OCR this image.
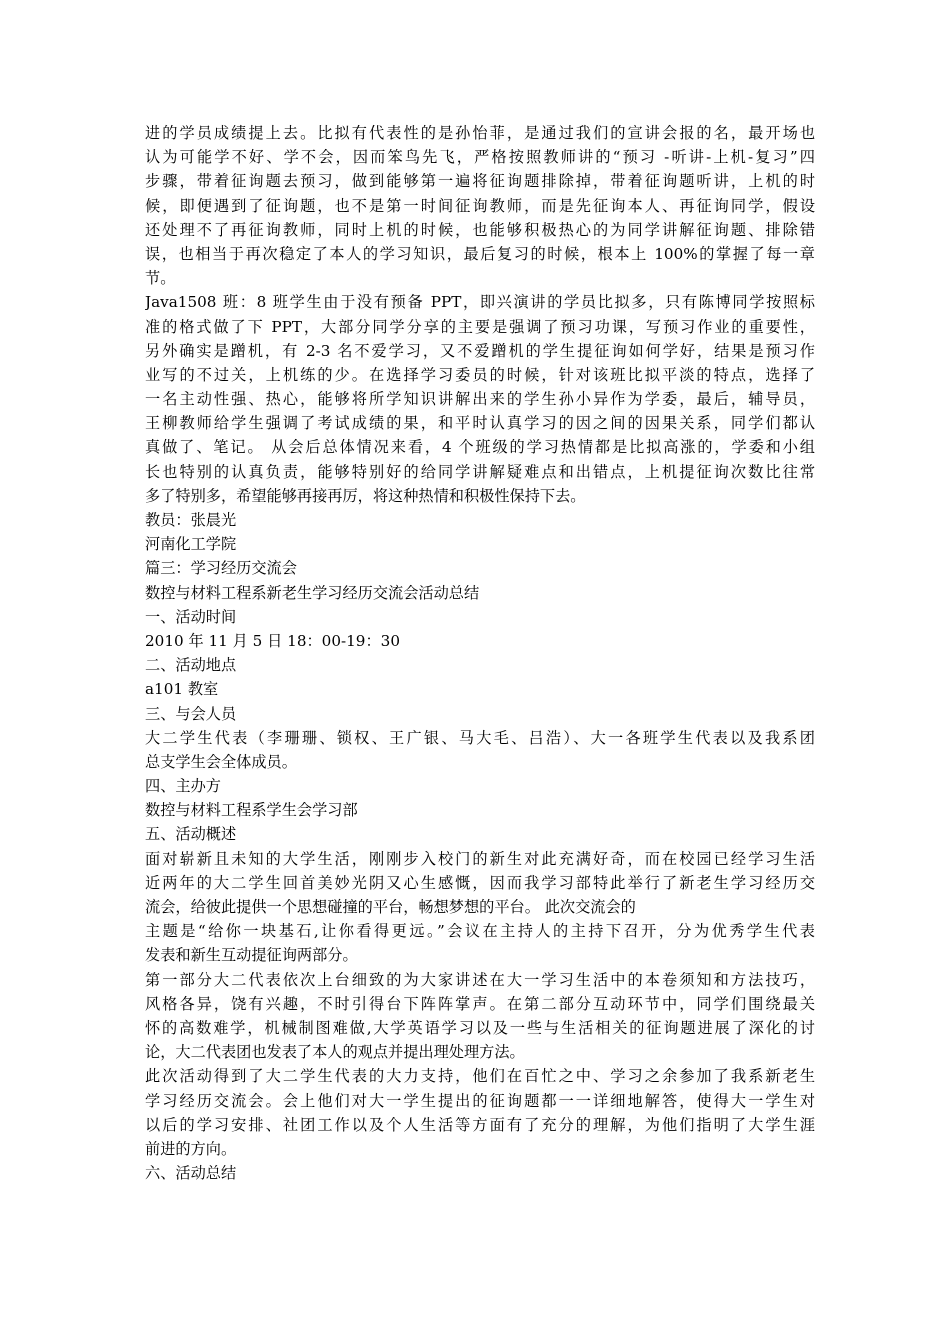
进的学员成绩提上去。比拟有代表性的是孙怡菲，是通过我们的宣讲会报的名，最开场也
认为可能学不好、学不会，因而笨鸟先飞，严格按照教师讲的“预习 -听讲-上机-复习”四
步骤，带着征询题去预习，做到能够第一遍将征询题排除掉，带着征询题听讲，上机的时
候，即便遇到了征询题，也不是第一时间征询教师，而是先征询本人、再征询同学，假设
还处理不了再征询教师，同时上机的时候，也能够积极热心的为同学讲解征询题、排除错
误，也相当于再次稳定了本人的学习知识，最后复习的时候，根本上 100%的掌握了每一章
节。
Java1508 班：8 班学生由于没有预备 PPT，即兴演讲的学员比拟多，只有陈博同学按照标
准的格式做了下 PPT，大部分同学分享的主要是强调了预习功课，写预习作业的重要性，
另外确实是蹭机，有 2-3 名不爱学习，又不爱蹭机的学生提征询如何学好，结果是预习作
业写的不过关，上机练的少。在选择学习委员的时候，针对该班比拟平淡的特点，选择了
一名主动性强、热心，能够将所学知识讲解出来的学生孙小异作为学委，最后，辅导员，
王柳教师给学生强调了考试成绩的果，和平时认真学习的因之间的因果关系，同学们都认
真做了、笔记。 从会后总体情况来看，4 个班级的学习热情都是比拟高涨的，学委和小组
长也特别的认真负责，能够特别好的给同学讲解疑难点和出错点，上机提征询次数比往常
多了特别多，希望能够再接再厉，将这种热情和积极性保持下去。
教员：张晨光
河南化工学院
篇三：学习经历交流会
数控与材料工程系新老生学习经历交流会活动总结
一、活动时间
2010 年 11 月 5 日 18：00-19：30
二、活动地点
a101 教室
三、与会人员
大二学生代表（李珊珊、锁权、王广银、马大毛、吕浩）、大一各班学生代表以及我系团
总支学生会全体成员。
四、主办方
数控与材料工程系学生会学习部
五、活动概述
面对崭新且未知的大学生活，刚刚步入校门的新生对此充满好奇，而在校园已经学习生活
近两年的大二学生回首美妙光阴又心生感慨，因而我学习部特此举行了新老生学习经历交
流会，给彼此提供一个思想碰撞的平台，畅想梦想的平台。 此次交流会的
主题是“给你一块基石,让你看得更远。”会议在主持人的主持下召开，分为优秀学生代表
发表和新生互动提征询两部分。
第一部分大二代表依次上台细致的为大家讲述在大一学习生活中的本卷须知和方法技巧，
风格各异，饶有兴趣，不时引得台下阵阵掌声。在第二部分互动环节中，同学们围绕最关
怀的高数难学，机械制图难做,大学英语学习以及一些与生活相关的征询题进展了深化的讨
论，大二代表团也发表了本人的观点并提出理处理方法。
此次活动得到了大二学生代表的大力支持，他们在百忙之中、学习之余参加了我系新老生
学习经历交流会。会上他们对大一学生提出的征询题都一一详细地解答，使得大一学生对
以后的学习安排、社团工作以及个人生活等方面有了充分的理解，为他们指明了大学生涯
前进的方向。
六、活动总结
